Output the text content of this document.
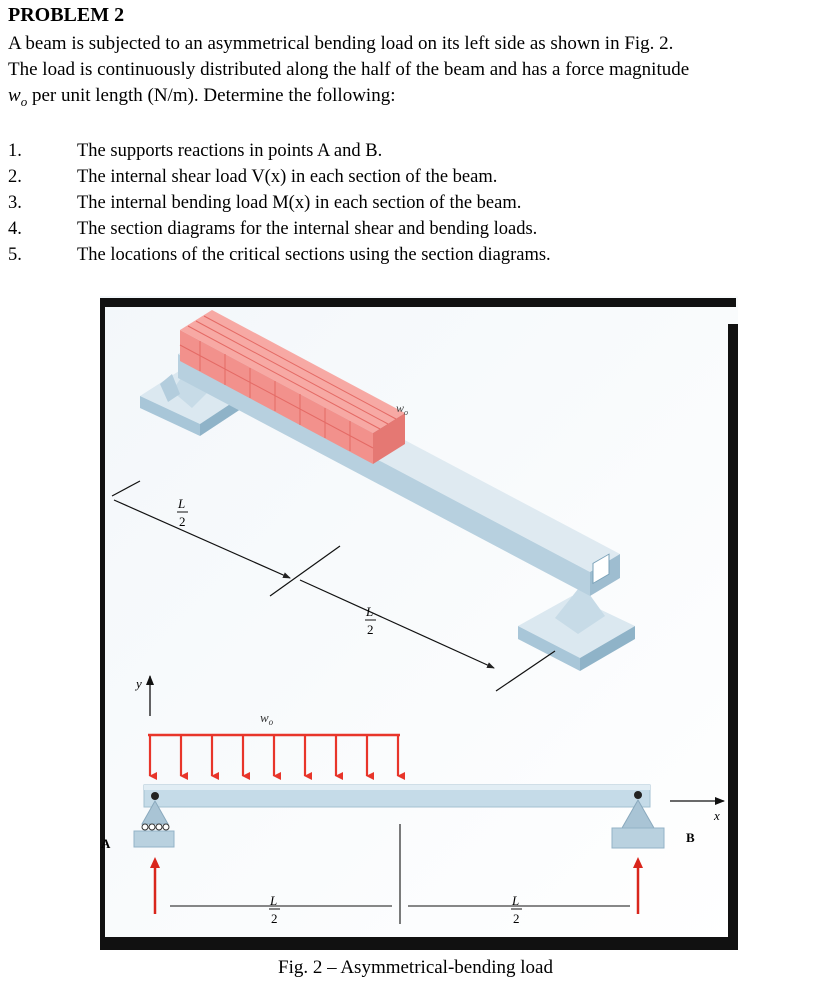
PROBLEM 2
A beam is subjected to an asymmetrical bending load on its left side as shown in Fig. 2.
The load is continuously distributed along the half of the beam and has a force magnitude
$w_o$ per unit length (N/m). Determine the following:
1.	The supports reactions in points A and B.
2.	The internal shear load V(x) in each section of the beam.
3.	The internal bending load M(x) in each section of the beam.
4.	The section diagrams for the internal shear and bending loads.
5.	The locations of the critical sections using the section diagrams.
$w_o$
L
2
L
2
y
$w_o$
A	B
x
L
2
L
2
Fig. 2 – Asymmetrical-bending load
